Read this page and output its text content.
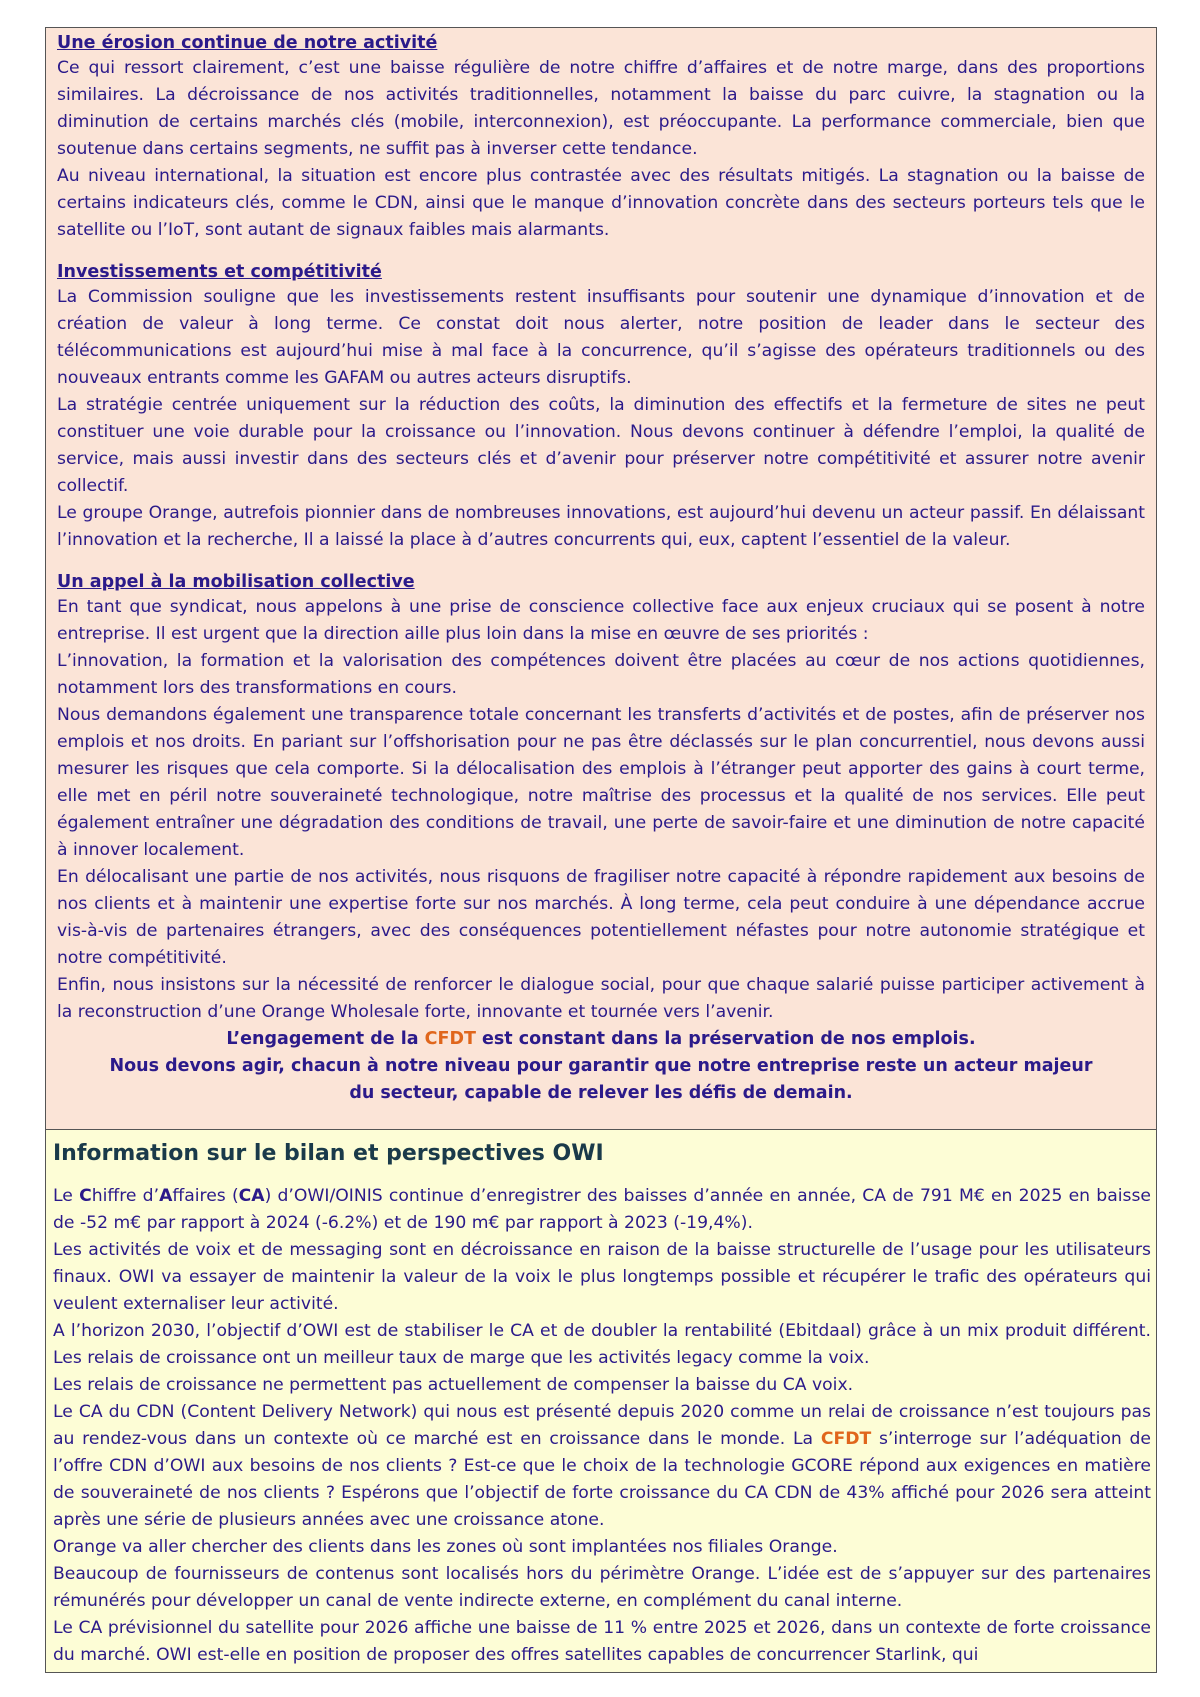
Une érosion continue de notre activité

Ce qui ressort clairement, c’est une baisse régulière de notre chiffre d’affaires et de notre marge, dans des proportions similaires. La décroissance de nos activités traditionnelles, notamment la baisse du parc cuivre, la stagnation ou la diminution de certains marchés clés (mobile, interconnexion), est préoccupante. La performance commerciale, bien que soutenue dans certains segments, ne suffit pas à inverser cette tendance.

Au niveau international, la situation est encore plus contrastée avec des résultats mitigés. La stagnation ou la baisse de certains indicateurs clés, comme le CDN, ainsi que le manque d’innovation concrète dans des secteurs porteurs tels que le satellite ou l’IoT, sont autant de signaux faibles mais alarmants.

Investissements et compétitivité

La Commission souligne que les investissements restent insuffisants pour soutenir une dynamique d’innovation et de création de valeur à long terme. Ce constat doit nous alerter, notre position de leader dans le secteur des télécommunications est aujourd’hui mise à mal face à la concurrence, qu’il s’agisse des opérateurs traditionnels ou des nouveaux entrants comme les GAFAM ou autres acteurs disruptifs.

La stratégie centrée uniquement sur la réduction des coûts, la diminution des effectifs et la fermeture de sites ne peut constituer une voie durable pour la croissance ou l’innovation. Nous devons continuer à défendre l’emploi, la qualité de service, mais aussi investir dans des secteurs clés et d’avenir pour préserver notre compétitivité et assurer notre avenir collectif.

Le groupe Orange, autrefois pionnier dans de nombreuses innovations, est aujourd’hui devenu un acteur passif. En délaissant l’innovation et la recherche, Il a laissé la place à d’autres concurrents qui, eux, captent l’essentiel de la valeur.

Un appel à la mobilisation collective

En tant que syndicat, nous appelons à une prise de conscience collective face aux enjeux cruciaux qui se posent à notre entreprise. Il est urgent que la direction aille plus loin dans la mise en œuvre de ses priorités :

L’innovation, la formation et la valorisation des compétences doivent être placées au cœur de nos actions quotidiennes, notamment lors des transformations en cours.

Nous demandons également une transparence totale concernant les transferts d’activités et de postes, afin de préserver nos emplois et nos droits. En pariant sur l’offshorisation pour ne pas être déclassés sur le plan concurrentiel, nous devons aussi mesurer les risques que cela comporte. Si la délocalisation des emplois à l’étranger peut apporter des gains à court terme, elle met en péril notre souveraineté technologique, notre maîtrise des processus et la qualité de nos services. Elle peut également entraîner une dégradation des conditions de travail, une perte de savoir-faire et une diminution de notre capacité à innover localement.

En délocalisant une partie de nos activités, nous risquons de fragiliser notre capacité à répondre rapidement aux besoins de nos clients et à maintenir une expertise forte sur nos marchés. À long terme, cela peut conduire à une dépendance accrue vis-à-vis de partenaires étrangers, avec des conséquences potentiellement néfastes pour notre autonomie stratégique et notre compétitivité.

Enfin, nous insistons sur la nécessité de renforcer le dialogue social, pour que chaque salarié puisse participer activement à la reconstruction d’une Orange Wholesale forte, innovante et tournée vers l’avenir.

L’engagement de la CFDT est constant dans la préservation de nos emplois.
Nous devons agir, chacun à notre niveau pour garantir que notre entreprise reste un acteur majeur du secteur, capable de relever les défis de demain.
Information sur le bilan et perspectives OWI

Le Chiffre d’Affaires (CA) d’OWI/OINIS continue d’enregistrer des baisses d’année en année, CA de 791 M€ en 2025 en baisse de -52 m€ par rapport à 2024 (-6.2%) et de 190 m€ par rapport à 2023 (-19,4%).

Les activités de voix et de messaging sont en décroissance en raison de la baisse structurelle de l’usage pour les utilisateurs finaux. OWI va essayer de maintenir la valeur de la voix le plus longtemps possible et récupérer le trafic des opérateurs qui veulent externaliser leur activité.

A l’horizon 2030, l’objectif d’OWI est de stabiliser le CA et de doubler la rentabilité (Ebitdaal) grâce à un mix produit différent. Les relais de croissance ont un meilleur taux de marge que les activités legacy comme la voix.

Les relais de croissance ne permettent pas actuellement de compenser la baisse du CA voix.

Le CA du CDN (Content Delivery Network) qui nous est présenté depuis 2020 comme un relai de croissance n’est toujours pas au rendez-vous dans un contexte où ce marché est en croissance dans le monde. La CFDT s’interroge sur l’adéquation de l’offre CDN d’OWI aux besoins de nos clients ? Est-ce que le choix de la technologie GCORE répond aux exigences en matière de souveraineté de nos clients ? Espérons que l’objectif de forte croissance du CA CDN de 43% affiché pour 2026 sera atteint après une série de plusieurs années avec une croissance atone.

Orange va aller chercher des clients dans les zones où sont implantées nos filiales Orange.

Beaucoup de fournisseurs de contenus sont localisés hors du périmètre Orange. L’idée est de s’appuyer sur des partenaires rémunérés pour développer un canal de vente indirecte externe, en complément du canal interne.

Le CA prévisionnel du satellite pour 2026 affiche une baisse de 11 % entre 2025 et 2026, dans un contexte de forte croissance du marché. OWI est-elle en position de proposer des offres satellites capables de concurrencer Starlink, qui
